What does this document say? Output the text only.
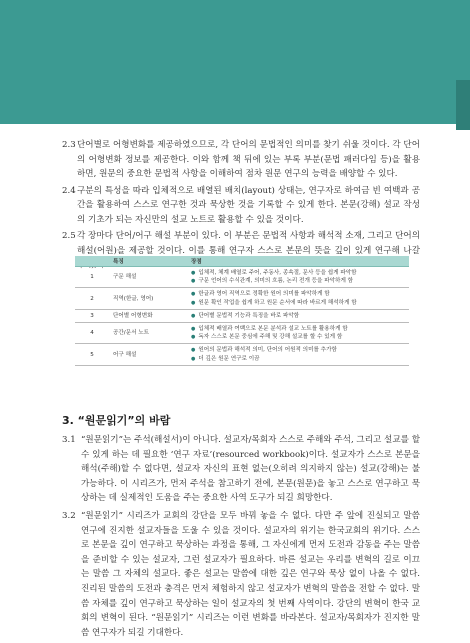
2.3 단어별로 어형변화를 제공하였으므로, 각 단어의 문법적인 의미를 찾기 쉬울 것이다. 각 단어의 어형변화 정보를 제공한다. 이와 함께 책 뒤에 있는 부록 부분(문법 패러다임 등)을 활용하면, 원문의 중요한 문법적 사항을 이해하여 점차 원문 연구의 능력을 배양할 수 있다.
2.4 구분의 특성을 따라 입체적으로 배열된 배치(layout) 상태는, 연구자로 하여금 빈 여백과 공간을 활용하여 스스로 연구한 것과 묵상한 것을 기록할 수 있게 한다. 본문(강해) 설교 작성의 기초가 되는 자신만의 설교 노트로 활용할 수 있을 것이다.
2.5 각 장마다 단어/어구 해설 부분이 있다. 이 부분은 문법적 사항과 해석적 소재, 그리고 단어의 해설(어원)을 제공할 것이다. 이를 통해 연구자 스스로 본문의 뜻을 깊이 있게 연구해 나갈
	특징	장점
1	구문 해설	● 입체적, 체계 배열로 주어, 주동사, 종속절, 문사 등을 쉽게 파악함
● 구문 언어의 수식관계, 의미의 흐름, 논리 전개 등을 파악하게 함

2	직역(한글, 영어)	● 한글과 영어 직역으로 정확한 원어 의미를 파악하게 함
● 원문 확인 작업을 쉽게 하고 원문 순서에 따라 바르게 해석하게 함

3	단어별 어형변화	● 단어별 문법적 기능과 특징을 바로 파악함

4	공간/문서 노트	● 입체적 배열과 여백으로 본문 분석과 설교 노트를 활용하게 함
● 독자 스스로 본문 중심에 주해 및 강해 설교를 할 수 있게 함

5	어구 해설	● 원어의 문법과 해석적 의미, 단어의 어원적 의미를 추가함
● 더 깊은 원문 연구로 이끔
3. “원문읽기”의 바람
3.1 “원문읽기”는 주석(해설서)이 아니다. 설교자/목회자 스스로 주해와 주석, 그리고 설교를 할 수 있게 하는 데 필요한 ‘연구 자료’(resourced workbook)이다. 설교자가 스스로 본문을 해석(주해)할 수 없다면, 설교자 자신의 표현 없는(오히려 의지하지 않는) 설교(강해)는 불가능하다. 이 시리즈가, 먼저 주석을 참고하기 전에, 본문(원문)을 놓고 스스로 연구하고 묵상하는 데 실제적인 도움을 주는 중요한 사역 도구가 되길 희망한다.
3.2 “원문읽기” 시리즈가 교회의 강단을 모두 바꿔 놓을 수 없다. 다만 주 앞에 진실되고 말씀 연구에 진지한 설교자들을 도울 수 있을 것이다. 설교자의 위기는 한국교회의 위기다. 스스로 본문을 깊이 연구하고 묵상하는 과정을 통해, 그 자신에게 먼저 도전과 감동을 주는 말씀을 준비할 수 있는 설교자, 그런 설교자가 필요하다. 바른 설교는 우리를 변혁의 길로 이끄는 말씀 그 자체의 설교다. 좋은 설교는 말씀에 대한 깊은 연구와 묵상 없이 나올 수 없다. 진리된 말씀의 도전과 충격은 먼저 체험하지 않고 설교자가 변혁의 말씀을 전할 수 없다. 말씀 자체를 깊이 연구하고 묵상하는 일이 설교자의 첫 번째 사역이다. 강단의 변혁이 한국 교회의 변혁이 된다. “원문읽기” 시리즈는 이런 변화를 바라본다. 설교자/목회자가 진지한 말씀 연구자가 되길 기대한다.
